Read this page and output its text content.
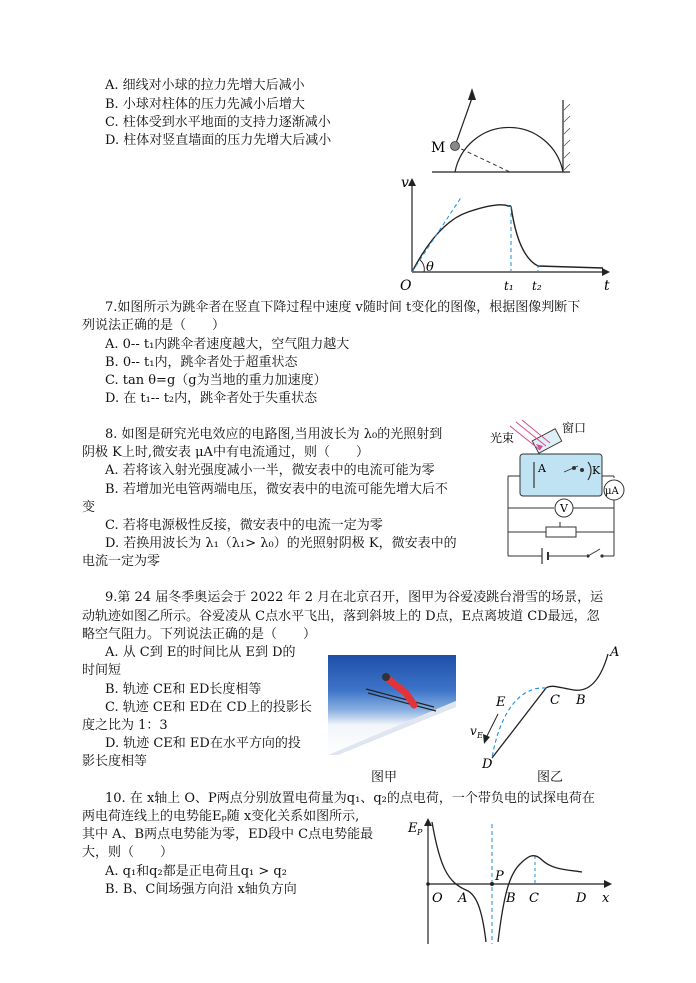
A. 细线对小球的拉力先增大后减小
B. 小球对柱体的压力先减小后增大
C. 柱体受到水平地面的支持力逐渐减小
D. 柱体对竖直墙面的压力先增大后减小	M
v
t
O
θ
t₁ t₂
7.如图所示为跳伞者在竖直下降过程中速度 v随时间 t变化的图像，根据图像判断下
列说法正确的是（　　）
A. 0-- t₁内跳伞者速度越大，空气阻力越大
B. 0-- t₁内，跳伞者处于超重状态
C. tan θ=g（g为当地的重力加速度）
D. 在 t₁-- t₂内，跳伞者处于失重状态
8. 如图是研究光电效应的电路图,当用波长为 λ₀的光照射到
阴极 K上时,微安表 μA中有电流通过，则（　　）
A. 若将该入射光强度减小一半，微安表中的电流可能为零
B. 若增加光电管两端电压，微安表中的电流可能先增大后不
变
C. 若将电源极性反接，微安表中的电流一定为零
D. 若换用波长为 λ₁（λ₁> λ₀）的光照射阴极 K，微安表中的
电流一定为零
窗口
光束
A	K
μA
V
9.第 24 届冬季奥运会于 2022 年 2 月在北京召开，图甲为谷爱凌跳台滑雪的场景，运
动轨迹如图乙所示。谷爱凌从 C点水平飞出，落到斜坡上的 D点，E点离坡道 CD最远，忽
略空气阻力。下列说法正确的是（　　）
A. 从 C到 E的时间比从 E到 D的
时间短
B. 轨迹 CE和 ED长度相等
C. 轨迹 CE和 ED在 CD上的投影长
度之比为 1：3
D. 轨迹 CE和 ED在水平方向的投
影长度相等
图甲
A
B
C
E
D
v E
图乙
10. 在 x轴上 O、P两点分别放置电荷量为q₁、q₂的点电荷，一个带负电的试探电荷在
两电荷连线上的电势能Eₚ随 x变化关系如图所示,
其中 A、B两点电势能为零，ED段中 C点电势能最
大，则（　　）
A. q₁和q₂都是正电荷且q₁ > q₂
B. B、C间场强方向沿 x轴负方向
E P
O A
P
B C	D x
